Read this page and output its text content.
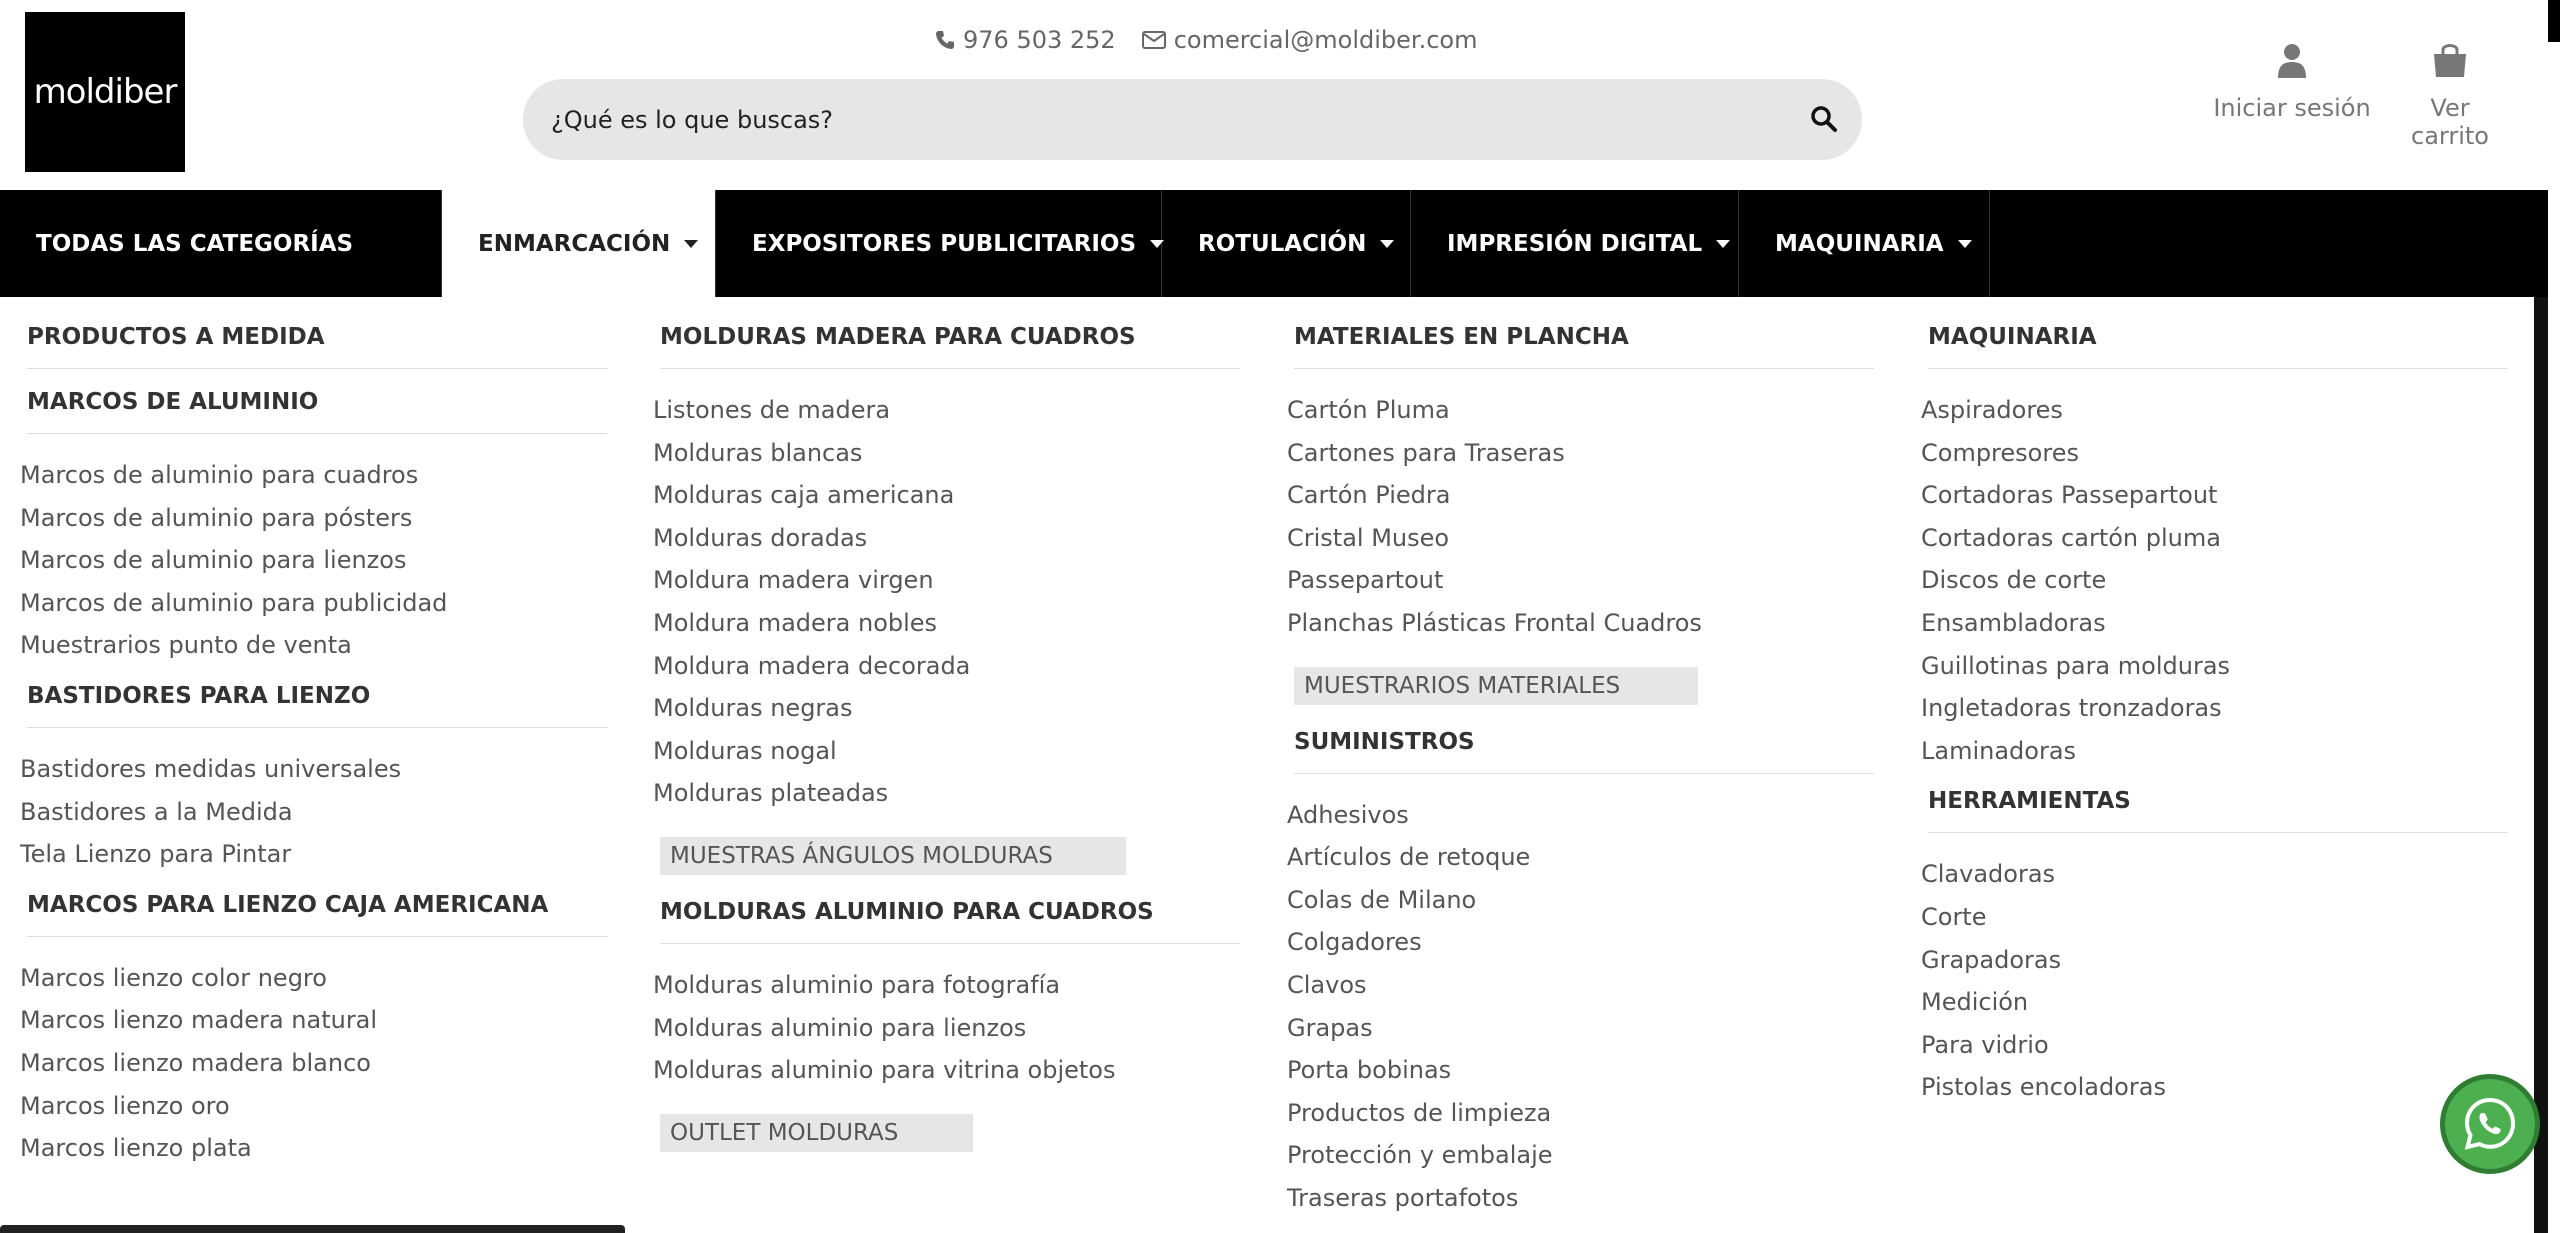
moldiber
976 503 252 comercial@moldiber.com
¿Qué es lo que buscas?
Iniciar sesión	Ver carrito
TODAS LAS CATEGORÍAS	ENMARCACIÓN	EXPOSITORES PUBLICITARIOS	ROTULACIÓN	IMPRESIÓN DIGITAL	MAQUINARIA
PRODUCTOS A MEDIDA
MARCOS DE ALUMINIO
Marcos de aluminio para cuadros
Marcos de aluminio para pósters
Marcos de aluminio para lienzos
Marcos de aluminio para publicidad
Muestrarios punto de venta
BASTIDORES PARA LIENZO
Bastidores medidas universales
Bastidores a la Medida
Tela Lienzo para Pintar
MARCOS PARA LIENZO CAJA AMERICANA
Marcos lienzo color negro
Marcos lienzo madera natural
Marcos lienzo madera blanco
Marcos lienzo oro
Marcos lienzo plata
MOLDURAS MADERA PARA CUADROS
Listones de madera
Molduras blancas
Molduras caja americana
Molduras doradas
Moldura madera virgen
Moldura madera nobles
Moldura madera decorada
Molduras negras
Molduras nogal
Molduras plateadas
MUESTRAS ÁNGULOS MOLDURAS
MOLDURAS ALUMINIO PARA CUADROS
Molduras aluminio para fotografía
Molduras aluminio para lienzos
Molduras aluminio para vitrina objetos
OUTLET MOLDURAS
MATERIALES EN PLANCHA
Cartón Pluma
Cartones para Traseras
Cartón Piedra
Cristal Museo
Passepartout
Planchas Plásticas Frontal Cuadros
MUESTRARIOS MATERIALES
SUMINISTROS
Adhesivos
Artículos de retoque
Colas de Milano
Colgadores
Clavos
Grapas
Porta bobinas
Productos de limpieza
Protección y embalaje
Traseras portafotos
MAQUINARIA
Aspiradores
Compresores
Cortadoras Passepartout
Cortadoras cartón pluma
Discos de corte
Ensambladoras
Guillotinas para molduras
Ingletadoras tronzadoras
Laminadoras
HERRAMIENTAS
Clavadoras
Corte
Grapadoras
Medición
Para vidrio
Pistolas encoladoras
